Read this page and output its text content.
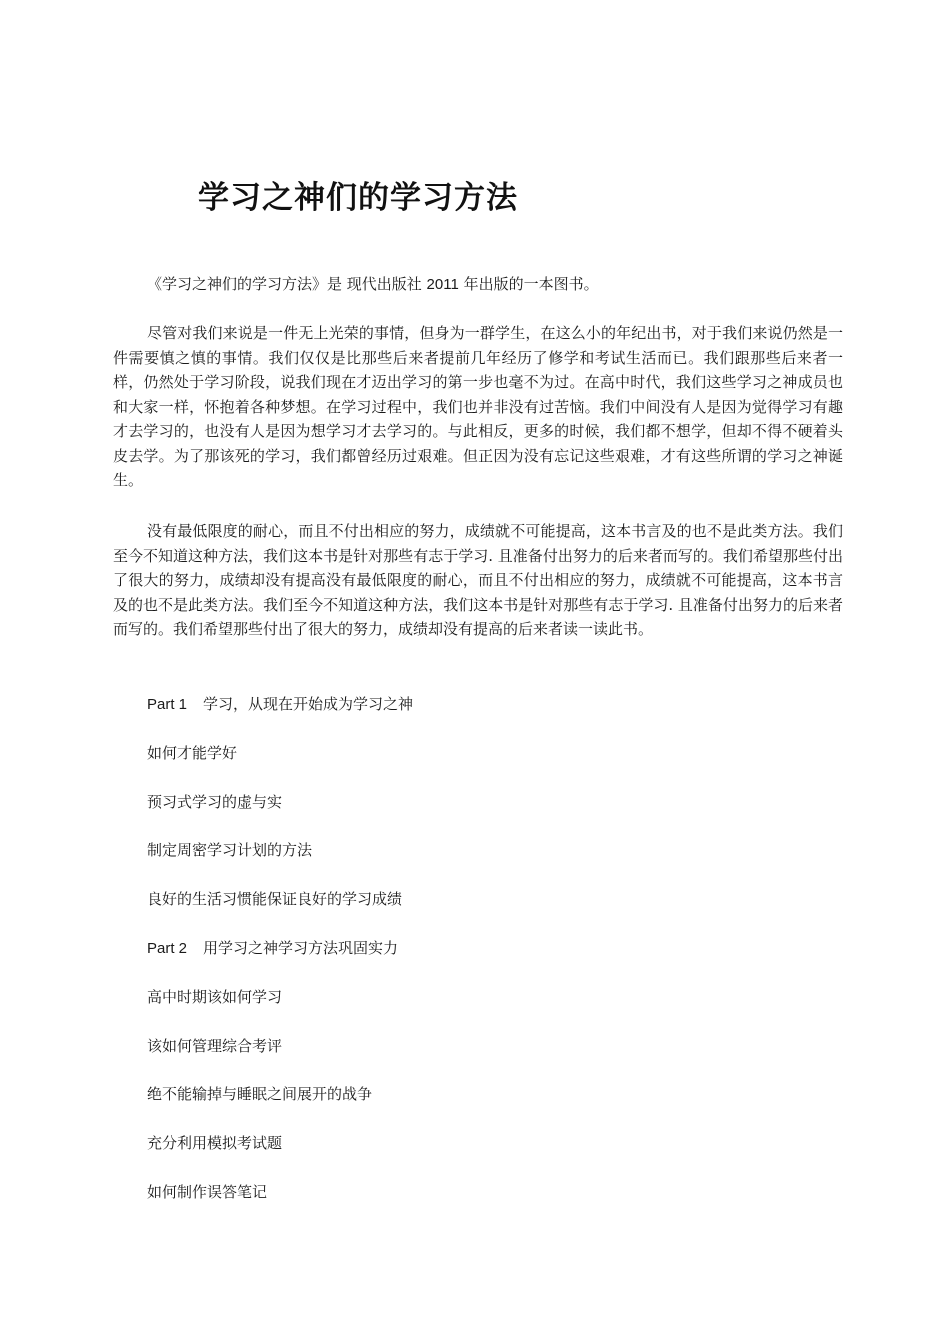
学习之神们的学习方法

《学习之神们的学习方法》是 现代出版社 2011 年出版的一本图书。

尽管对我们来说是一件无上光荣的事情，但身为一群学生，在这么小的年纪出书，对于我们来说仍然是一件需要慎之慎的事情。我们仅仅是比那些后来者提前几年经历了修学和考试生活而已。我们跟那些后来者一样，仍然处于学习阶段，说我们现在才迈出学习的第一步也毫不为过。在高中时代，我们这些学习之神成员也和大家一样，怀抱着各种梦想。在学习过程中，我们也并非没有过苦恼。我们中间没有人是因为觉得学习有趣才去学习的，也没有人是因为想学习才去学习的。与此相反，更多的时候，我们都不想学，但却不得不硬着头皮去学。为了那该死的学习，我们都曾经历过艰难。但正因为没有忘记这些艰难，才有这些所谓的学习之神诞生。

没有最低限度的耐心，而且不付出相应的努力，成绩就不可能提高，这本书言及的也不是此类方法。我们至今不知道这种方法，我们这本书是针对那些有志于学习. 且准备付出努力的后来者而写的。我们希望那些付出了很大的努力，成绩却没有提高没有最低限度的耐心，而且不付出相应的努力，成绩就不可能提高，这本书言及的也不是此类方法。我们至今不知道这种方法，我们这本书是针对那些有志于学习. 且准备付出努力的后来者而写的。我们希望那些付出了很大的努力，成绩却没有提高的后来者读一读此书。

Part 1 学习，从现在开始成为学习之神
如何才能学好
预习式学习的虚与实
制定周密学习计划的方法
良好的生活习惯能保证良好的学习成绩
Part 2 用学习之神学习方法巩固实力
高中时期该如何学习
该如何管理综合考评
绝不能输掉与睡眠之间展开的战争
充分利用模拟考试题
如何制作误答笔记
